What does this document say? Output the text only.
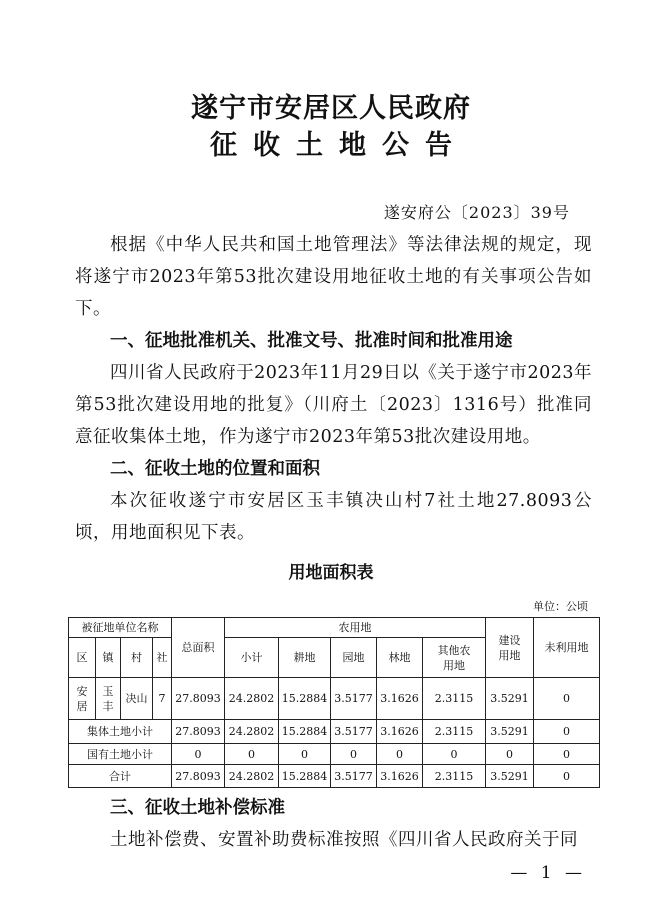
遂宁市安居区人民政府
征收土地公告
遂安府公〔2023〕39号
根据《中华人民共和国土地管理法》等法律法规的规定，现将遂宁市2023年第53批次建设用地征收土地的有关事项公告如下。
一、征地批准机关、批准文号、批准时间和批准用途
四川省人民政府于2023年11月29日以《关于遂宁市2023年第53批次建设用地的批复》（川府土〔2023〕1316号）批准同意征收集体土地，作为遂宁市2023年第53批次建设用地。
二、征收土地的位置和面积
本次征收遂宁市安居区玉丰镇决山村7社土地27.8093公顷，用地面积见下表。
用地面积表
单位：公顷
被征地单位名称				总面积	农用地					建设用地	未利用地
区	镇	村	社		小计	耕地	园地	林地	其他农用地		
安居	玉丰	决山	7	27.8093	24.2802	15.2884	3.5177	3.1626	2.3115	3.5291	0
集体土地小计				27.8093	24.2802	15.2884	3.5177	3.1626	2.3115	3.5291	0
国有土地小计				0	0	0	0	0	0	0	0
合计				27.8093	24.2802	15.2884	3.5177	3.1626	2.3115	3.5291	0
三、征收土地补偿标准
土地补偿费、安置补助费标准按照《四川省人民政府关于同
— 1 —
